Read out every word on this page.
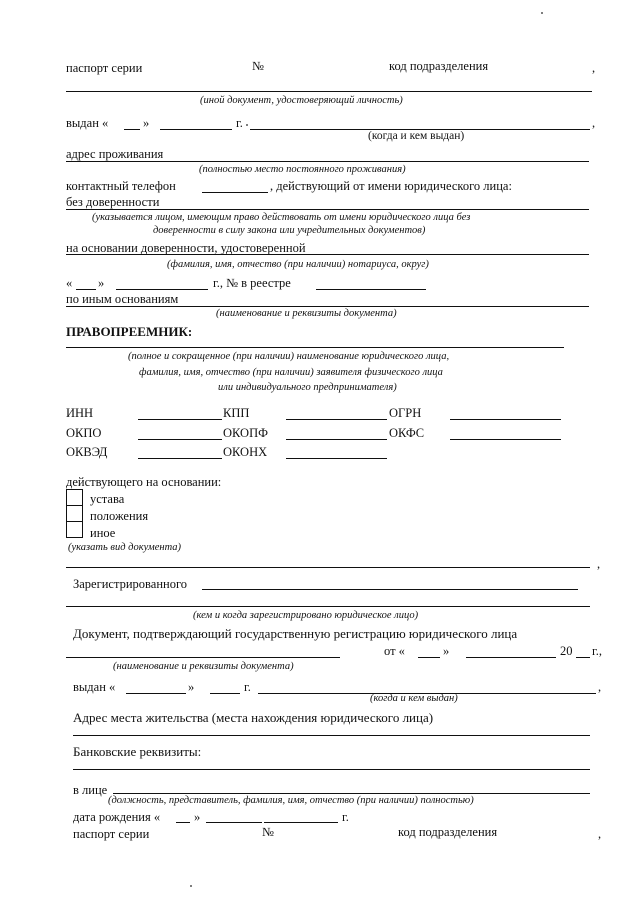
паспорт серии	№	код подразделения	,
(иной документ, удостоверяющий личность)
выдан «	»	г.	,
(когда и кем выдан)
адрес проживания
(полностью место постоянного проживания)
контактный телефон	, действующий от имени юридического лица:
без доверенности
(указывается лицом, имеющим право действовать от имени юридического лица без
доверенности в силу закона или учредительных документов)
на основании доверенности, удостоверенной
(фамилия, имя, отчество (при наличии) нотариуса, округ)
« »	г., № в реестре
по иным основаниям
(наименование и реквизиты документа)
ПРАВОПРЕЕМНИК:
(полное и сокращенное (при наличии) наименование юридического лица,
фамилия, имя, отчество (при наличии) заявителя физического лица
или индивидуального предпринимателя)
ИНН	КПП	ОГРН
ОКПО	ОКОПФ	ОКФС
ОКВЭД	ОКОНХ
действующего на основании:
устава
положения
иное
(указать вид документа)
,
Зарегистрированного
(кем и когда зарегистрировано юридическое лицо)
Документ, подтверждающий государственную регистрацию юридического лица
от «	»	20 г.,
(наименование и реквизиты документа)
выдан «	»	г.	,
(когда и кем выдан)
Адрес места жительства (места нахождения юридического лица)
Банковские реквизиты:
в лице
(должность, представитель, фамилия, имя, отчество (при наличии) полностью)
дата рождения «	»	г.
паспорт серии	№	код подразделения	,
